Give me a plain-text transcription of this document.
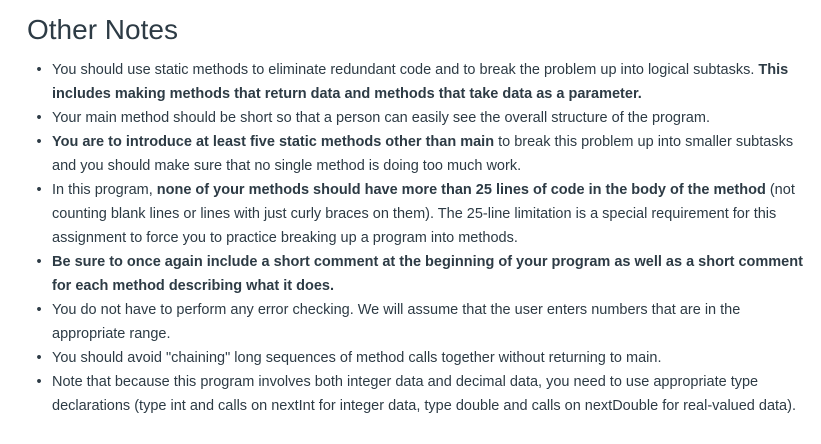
Other Notes
• You should use static methods to eliminate redundant code and to break the problem up into logical subtasks. This includes making methods that return data and methods that take data as a parameter.
• Your main method should be short so that a person can easily see the overall structure of the program.
• You are to introduce at least five static methods other than main to break this problem up into smaller subtasks and you should make sure that no single method is doing too much work.
• In this program, none of your methods should have more than 25 lines of code in the body of the method (not counting blank lines or lines with just curly braces on them). The 25-line limitation is a special requirement for this assignment to force you to practice breaking up a program into methods.
• Be sure to once again include a short comment at the beginning of your program as well as a short comment for each method describing what it does.
• You do not have to perform any error checking. We will assume that the user enters numbers that are in the appropriate range.
• You should avoid "chaining" long sequences of method calls together without returning to main.
• Note that because this program involves both integer data and decimal data, you need to use appropriate type declarations (type int and calls on nextInt for integer data, type double and calls on nextDouble for real-valued data).
